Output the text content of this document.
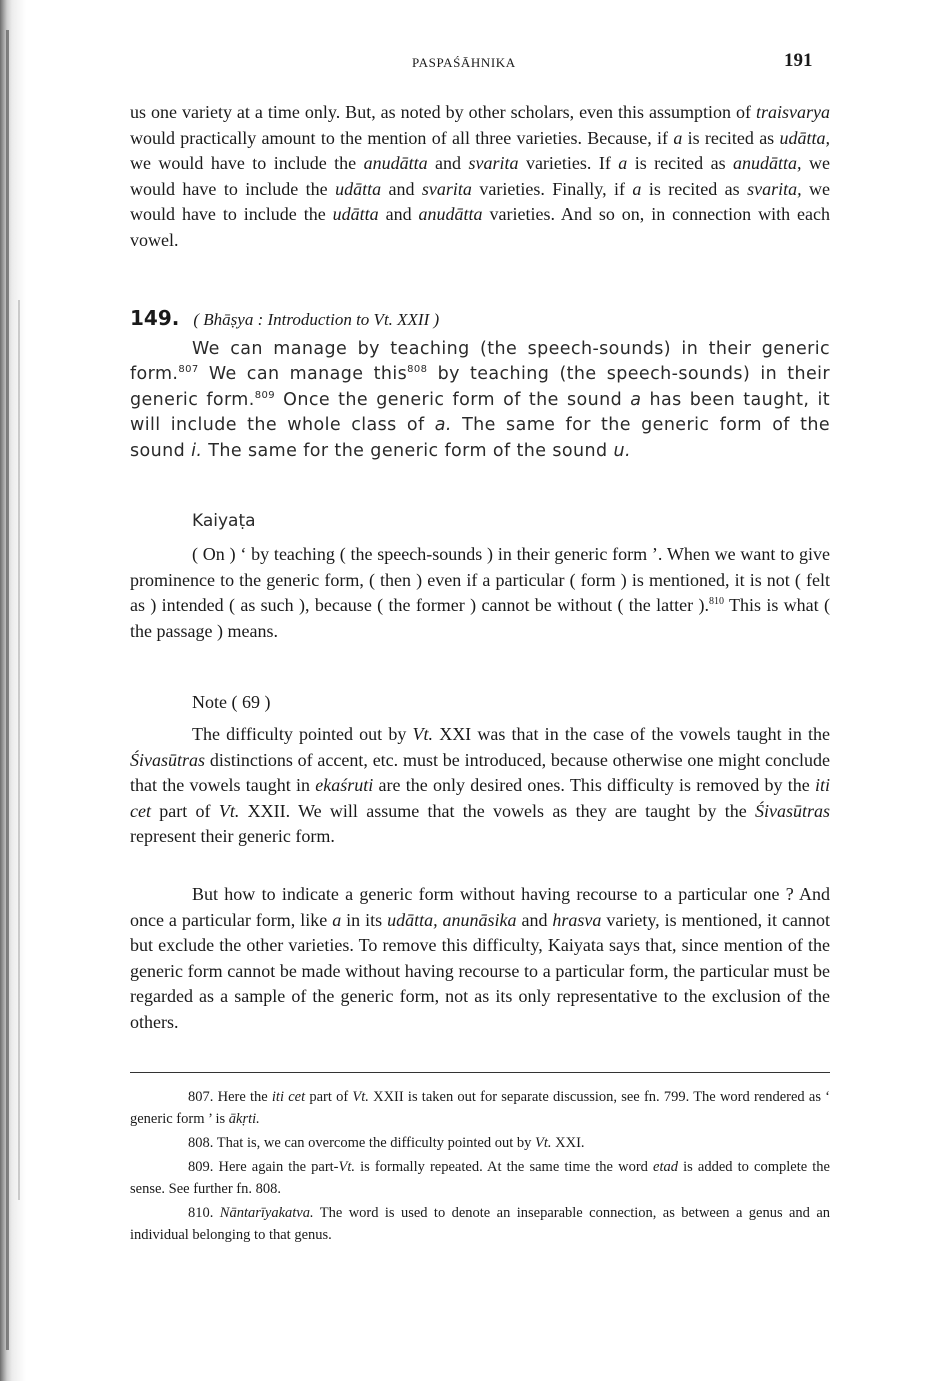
PASPAŚĀHNIKA	191

us one variety at a time only. But, as noted by other scholars, even this assumption of traisvarya would practically amount to the mention of all three varieties. Because, if a is recited as udātta, we would have to include the anudātta and svarita varieties. If a is recited as anudātta, we would have to include the udātta and svarita varieties. Finally, if a is recited as svarita, we would have to include the udātta and anudātta varieties. And so on, in connection with each vowel.

149. ( Bhāṣya : Introduction to Vt. XXII )

We can manage by teaching (the speech-sounds) in their generic form.$^{807}$ We can manage this$^{808}$ by teaching (the speech-sounds) in their generic form.$^{809}$ Once the generic form of the sound a has been taught, it will include the whole class of a. The same for the generic form of the sound i. The same for the generic form of the sound u.

Kaiyaṭa

( On ) ‘ by teaching ( the speech-sounds ) in their generic form ’. When we want to give prominence to the generic form, ( then ) even if a particular ( form ) is mentioned, it is not ( felt as ) intended ( as such ), because ( the former ) cannot be without ( the latter ).$^{810}$ This is what ( the passage ) means.

Note ( 69 )

The difficulty pointed out by Vt. XXI was that in the case of the vowels taught in the Śivasūtras distinctions of accent, etc. must be introduced, because otherwise one might conclude that the vowels taught in ekaśruti are the only desired ones. This difficulty is removed by the iti cet part of Vt. XXII. We will assume that the vowels as they are taught by the Śivasūtras represent their generic form.

But how to indicate a generic form without having recourse to a particular one ? And once a particular form, like a in its udātta, anunāsika and hrasva variety, is mentioned, it cannot but exclude the other varieties. To remove this difficulty, Kaiyata says that, since mention of the generic form cannot be made without having recourse to a particular form, the particular must be regarded as a sample of the generic form, not as its only representative to the exclusion of the others.

807. Here the iti cet part of Vt. XXII is taken out for separate discussion, see fn. 799. The word rendered as ‘ generic form ’ is ākṛti.

808. That is, we can overcome the difficulty pointed out by Vt. XXI.

809. Here again the part-Vt. is formally repeated. At the same time the word etad is added to complete the sense. See further fn. 808.

810. Nāntarīyakatva. The word is used to denote an inseparable connection, as between a genus and an individual belonging to that genus.
